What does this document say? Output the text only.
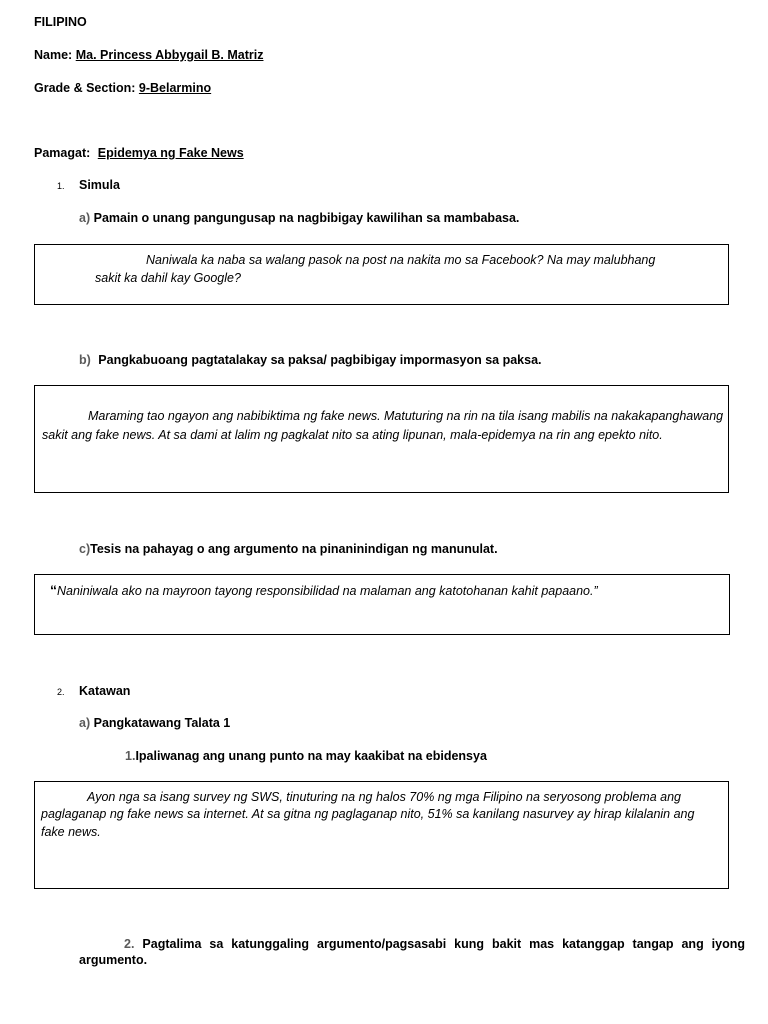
FILIPINO
Name: Ma. Princess Abbygail B. Matriz
Grade & Section: 9-Belarmino
Pamagat: Epidemya ng Fake News
1. Simula
a) Pamain o unang pangungusap na nagbibigay kawilihan sa mambabasa.

Naniwala ka naba sa walang pasok na post na nakita mo sa Facebook? Na may malubhang

sakit ka dahil kay Google?

b) Pangkabuoang pagtatalakay sa paksa/ pagbibigay impormasyon sa paksa.

Maraming tao ngayon ang nabibiktima ng fake news. Matuturing na rin na tila isang mabilis na nakakapanghawang

sakit ang fake news. At sa dami at lalim ng pagkalat nito sa ating lipunan, mala-epidemya na rin ang epekto nito.

c)Tesis na pahayag o ang argumento na pinaninindigan ng manunulat.

“Naniniwala ako na mayroon tayong responsibilidad na malaman ang katotohanan kahit papaano.”

2. Katawan
a) Pangkatawang Talata 1
1.Ipaliwanag ang unang punto na may kaakibat na ebidensya

Ayon nga sa isang survey ng SWS, tinuturing na ng halos 70% ng mga Filipino na seryosong problema ang

paglaganap ng fake news sa internet. At sa gitna ng paglaganap nito, 51% sa kanilang nasurvey ay hirap kilalanin ang

fake news.

2. Pagtalima sa katunggaling argumento/pagsasabi kung bakit mas katanggap tangap ang iyong
argumento.
